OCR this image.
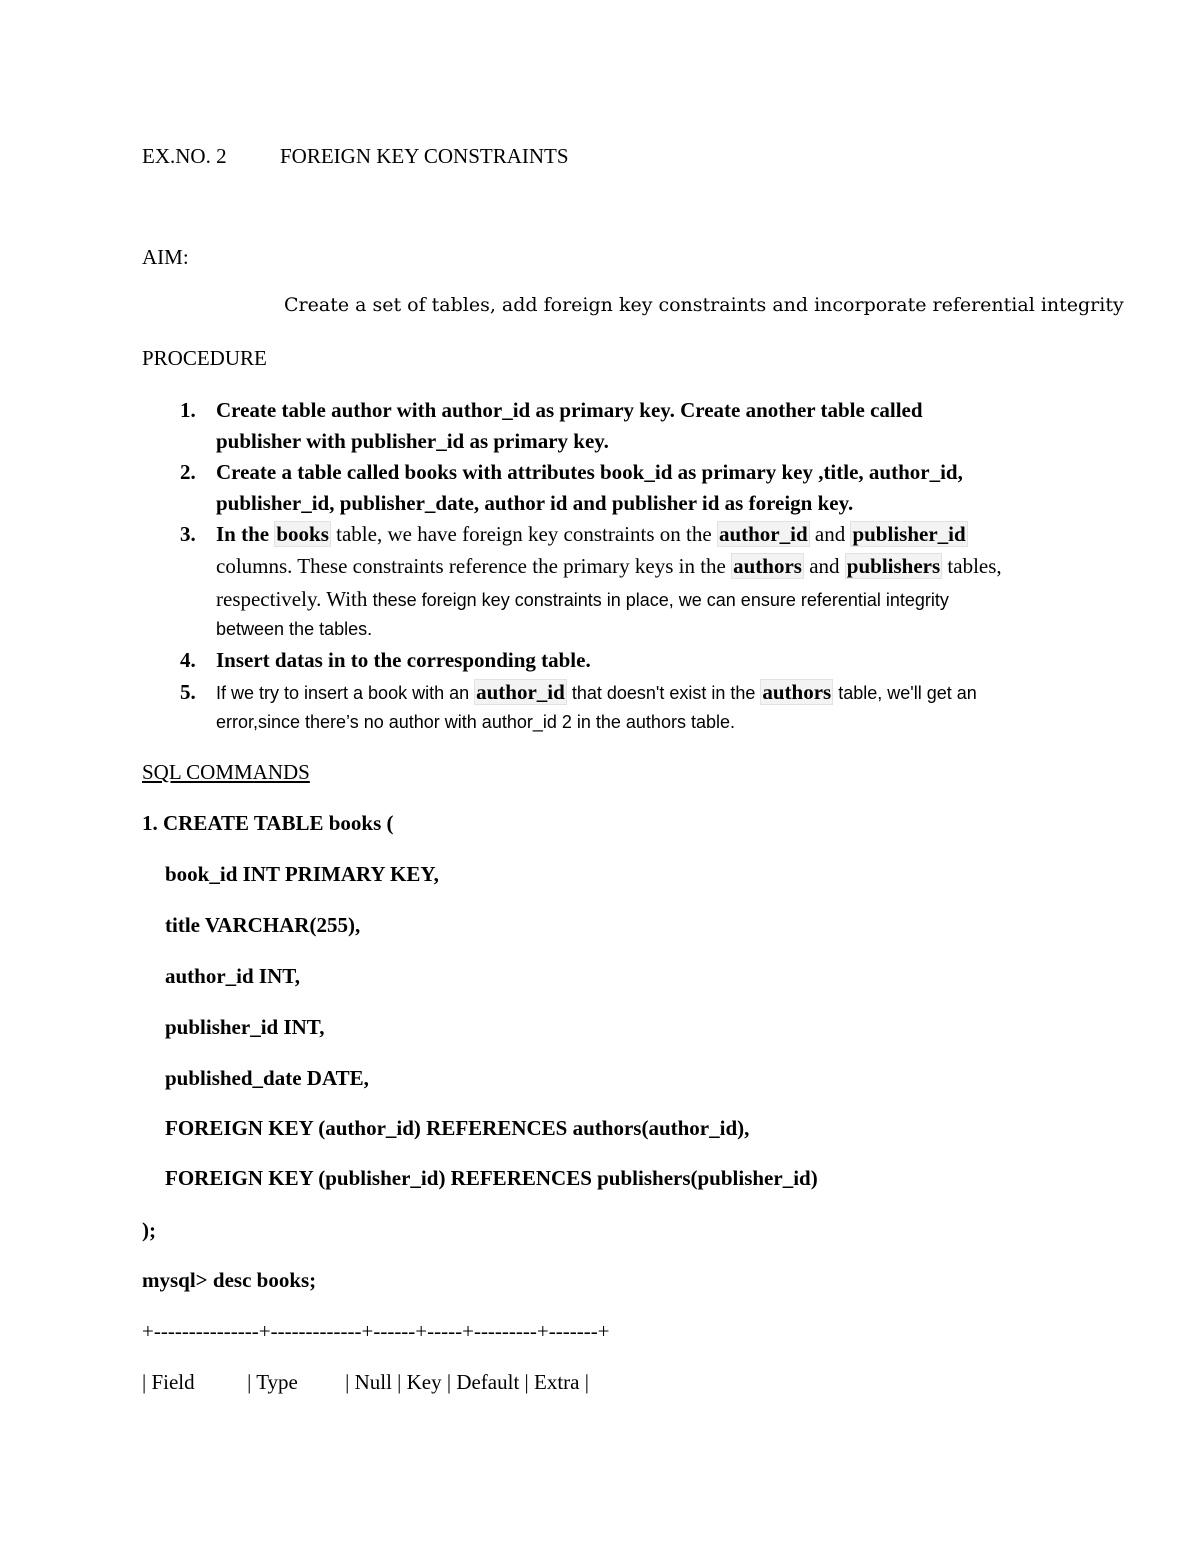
EX.NO. 2	FOREIGN KEY CONSTRAINTS
AIM:
Create a set of tables, add foreign key constraints and incorporate referential integrity
PROCEDURE
1. Create table author with author_id as primary key. Create another table called
publisher with publisher_id as primary key.
2. Create a table called books with attributes book_id as primary key ,title, author_id,
publisher_id, publisher_date, author id and publisher id as foreign key.
3. In the books table, we have foreign key constraints on the author_id and publisher_id
columns. These constraints reference the primary keys in the authors and publishers tables,
respectively. With these foreign key constraints in place, we can ensure referential integrity
between the tables.
4. Insert datas in to the corresponding table.
5. If we try to insert a book with an author_id that doesn't exist in the authors table, we'll get an
error,since there’s no author with author_id 2 in the authors table.
SQL COMMANDS
1. CREATE TABLE books (
book_id INT PRIMARY KEY,
title VARCHAR(255),
author_id INT,
publisher_id INT,
published_date DATE,
FOREIGN KEY (author_id) REFERENCES authors(author_id),
FOREIGN KEY (publisher_id) REFERENCES publishers(publisher_id)
);
mysql> desc books;
+---------------+-------------+------+-----+---------+-------+
| Field          | Type         | Null | Key | Default | Extra |
